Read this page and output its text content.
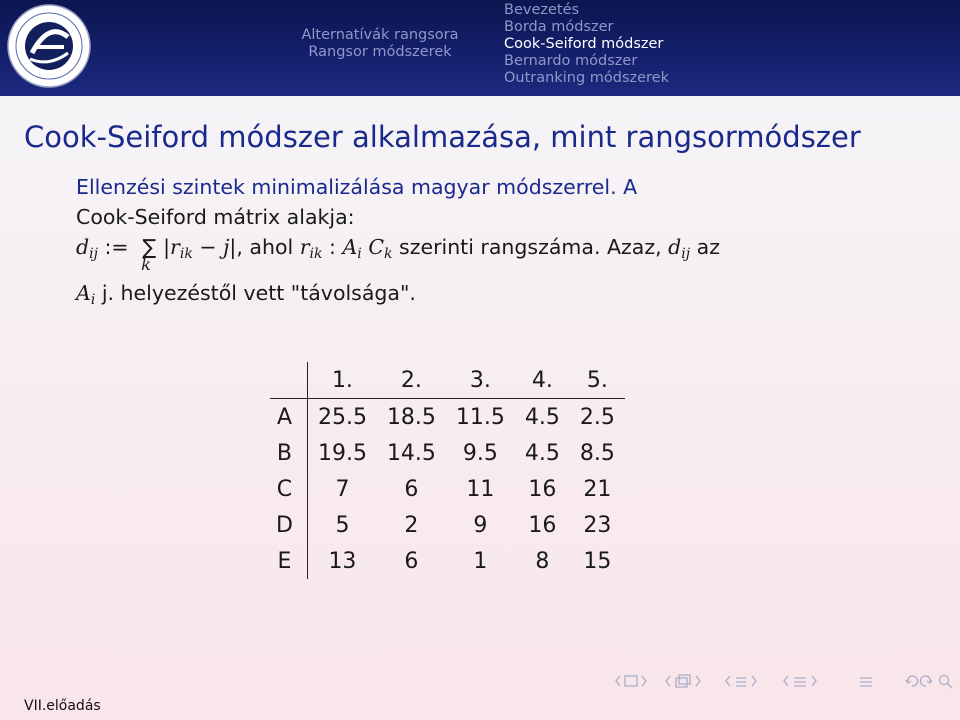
Alternatívák rangsora
Rangsor módszerek
Bevezetés
Borda módszer
Cook-Seiford módszer
Bernardo módszer
Outranking módszerek
Cook-Seiford módszer alkalmazása, mint rangsormódszer
Ellenzési szintek minimalizálása magyar módszerrel. A
Cook-Seiford mátrix alakja:
$d_{ij}$ := ∑
k
$|r_{ik} - j|$, ahol $r_{ik}$ : $A_i$ $C_k$ szerinti rangszáma. Azaz, $d_{ij}$ az
$A_i$ j. helyezéstől vett "távolsága".
	1.	2.	3.	4.	5.
A	25.5	18.5	11.5	4.5	2.5
B	19.5	14.5	9.5	4.5	8.5
C	7	6	11	16	21
D	5	2	9	16	23
E	13	6	1	8	15
VII.előadás
